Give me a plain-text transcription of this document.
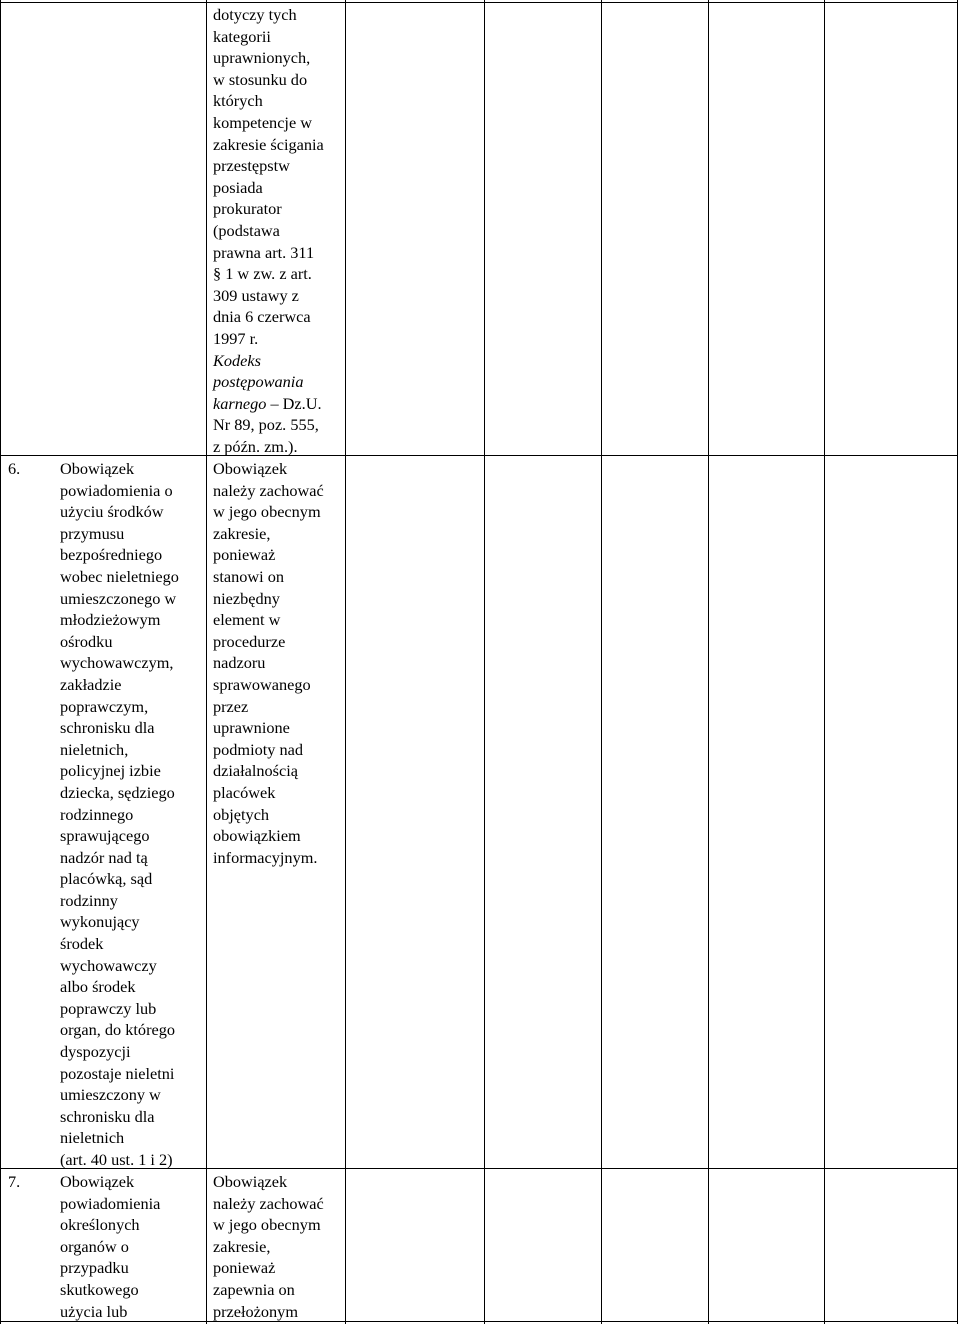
dotyczy tych
kategorii
uprawnionych,
w stosunku do
których
kompetencje w
zakresie ścigania
przestępstw
posiada
prokurator
(podstawa
prawna art. 311
§ 1 w zw. z art.
309 ustawy z
dnia 6 czerwca
1997 r.
Kodeks
postępowania
karnego – Dz.U.
Nr 89, poz. 555,
z późn. zm.).
6. Obowiązek
powiadomienia o
użyciu środków
przymusu
bezpośredniego
wobec nieletniego
umieszczonego w
młodzieżowym
ośrodku
wychowawczym,
zakładzie
poprawczym,
schronisku dla
nieletnich,
policyjnej izbie
dziecka, sędziego
rodzinnego
sprawującego
nadzór nad tą
placówką, sąd
rodzinny
wykonujący
środek
wychowawczy
albo środek
poprawczy lub
organ, do którego
dyspozycji
pozostaje nieletni
umieszczony w
schronisku dla
nieletnich
(art. 40 ust. 1 i 2)
Obowiązek
należy zachować
w jego obecnym
zakresie,
ponieważ
stanowi on
niezbędny
element w
procedurze
nadzoru
sprawowanego
przez
uprawnione
podmioty nad
działalnością
placówek
objętych
obowiązkiem
informacyjnym.
7. Obowiązek
powiadomienia
określonych
organów o
przypadku
skutkowego
użycia lub
Obowiązek
należy zachować
w jego obecnym
zakresie,
ponieważ
zapewnia on
przełożonym
